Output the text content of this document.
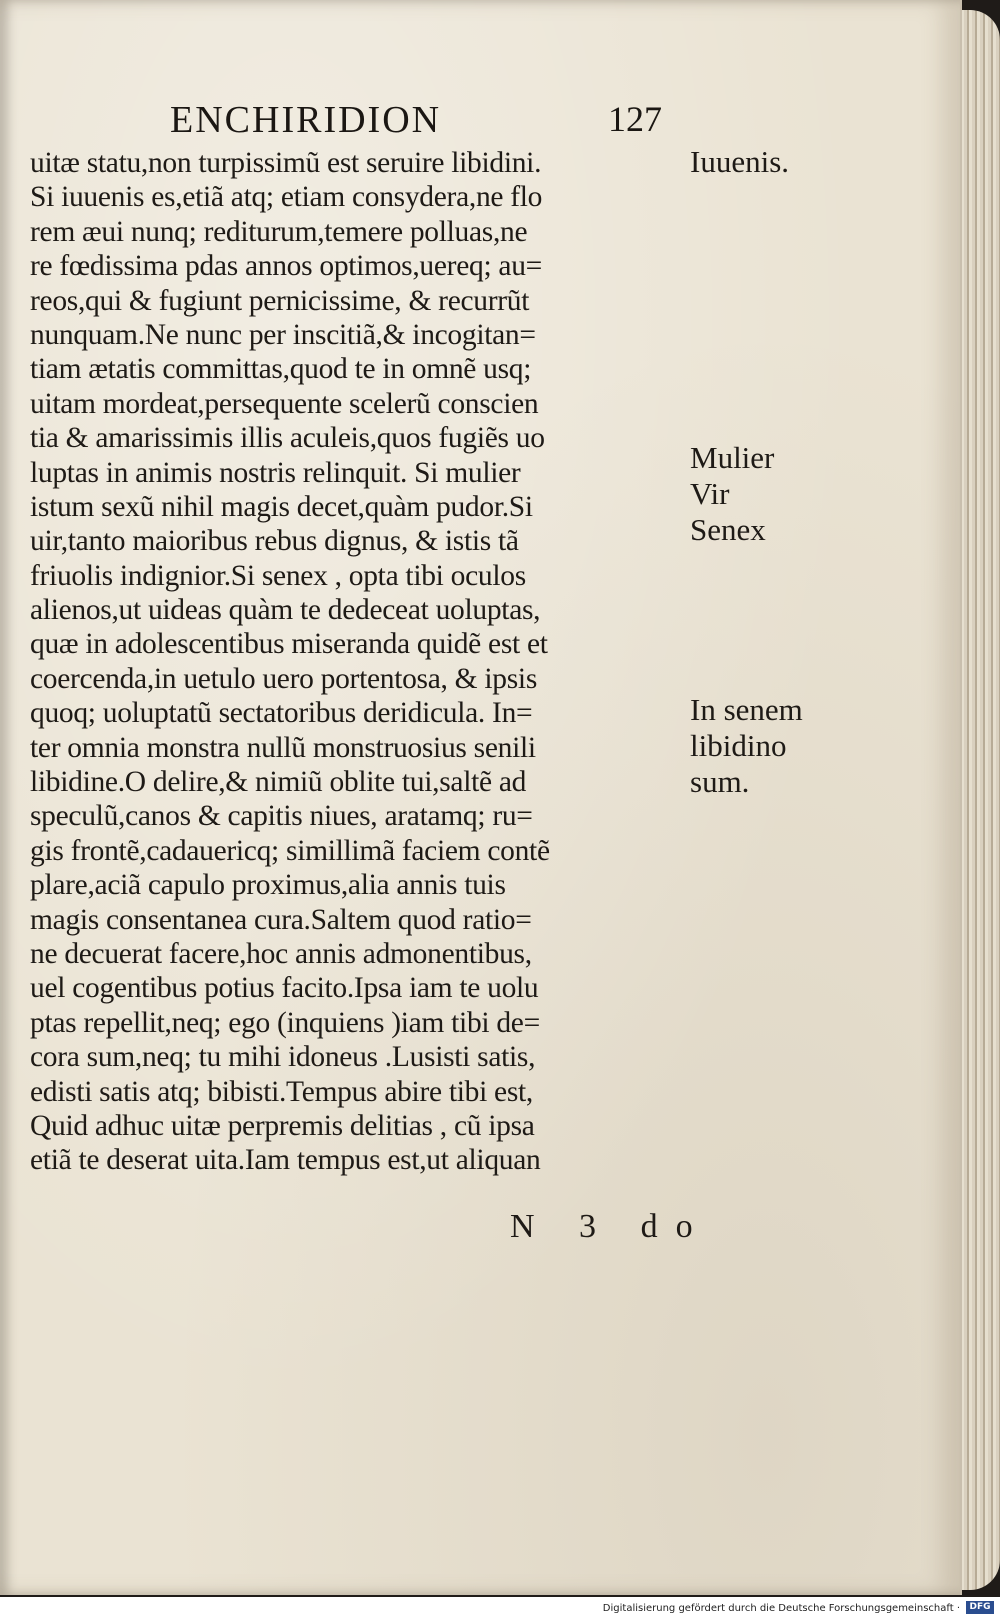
ENCHIRIDION	127
uitæ statu,non turpissimũ est seruire libidini.
Si iuuenis es,etiã atq; etiam consydera,ne flo
rem æui nunq; rediturum,temere polluas,ne
re fœdissima pdas annos optimos,uereq; au=
reos,qui & fugiunt pernicissime, & recurrũt
nunquam.Ne nunc per inscitiã,& incogitan=
tiam ætatis committas,quod te in omnẽ usq;
uitam mordeat,persequente scelerũ conscien
tia & amarissimis illis aculeis,quos fugiẽs uo
luptas in animis nostris relinquit. Si mulier
istum sexũ nihil magis decet,quàm pudor.Si
uir,tanto maioribus rebus dignus, & istis tã
friuolis indignior.Si senex , opta tibi oculos
alienos,ut uideas quàm te dedeceat uoluptas,
quæ in adolescentibus miseranda quidẽ est et
coercenda,in uetulo uero portentosa, & ipsis
quoq; uoluptatũ sectatoribus deridicula. In=
ter omnia monstra nullũ monstruosius senili
libidine.O delire,& nimiũ oblite tui,saltẽ ad
speculũ,canos & capitis niues, aratamq; ru=
gis frontẽ,cadauericq; simillimã faciem contẽ
plare,aciã capulo proximus,alia annis tuis
magis consentanea cura.Saltem quod ratio=
ne decuerat facere,hoc annis admonentibus,
uel cogentibus potius facito.Ipsa iam te uolu
ptas repellit,neq; ego (inquiens )iam tibi de=
cora sum,neq; tu mihi idoneus .Lusisti satis,
edisti satis atq; bibisti.Tempus abire tibi est,
Quid adhuc uitæ perpremis delitias , cũ ipsa
etiã te deserat uita.Iam tempus est,ut aliquan
Iuuenis.
Mulier
Vir
Senex
In senem
libidino
sum.
N 3 do
Digitalisierung gefördert durch die Deutsche Forschungsgemeinschaft ·	DFG
